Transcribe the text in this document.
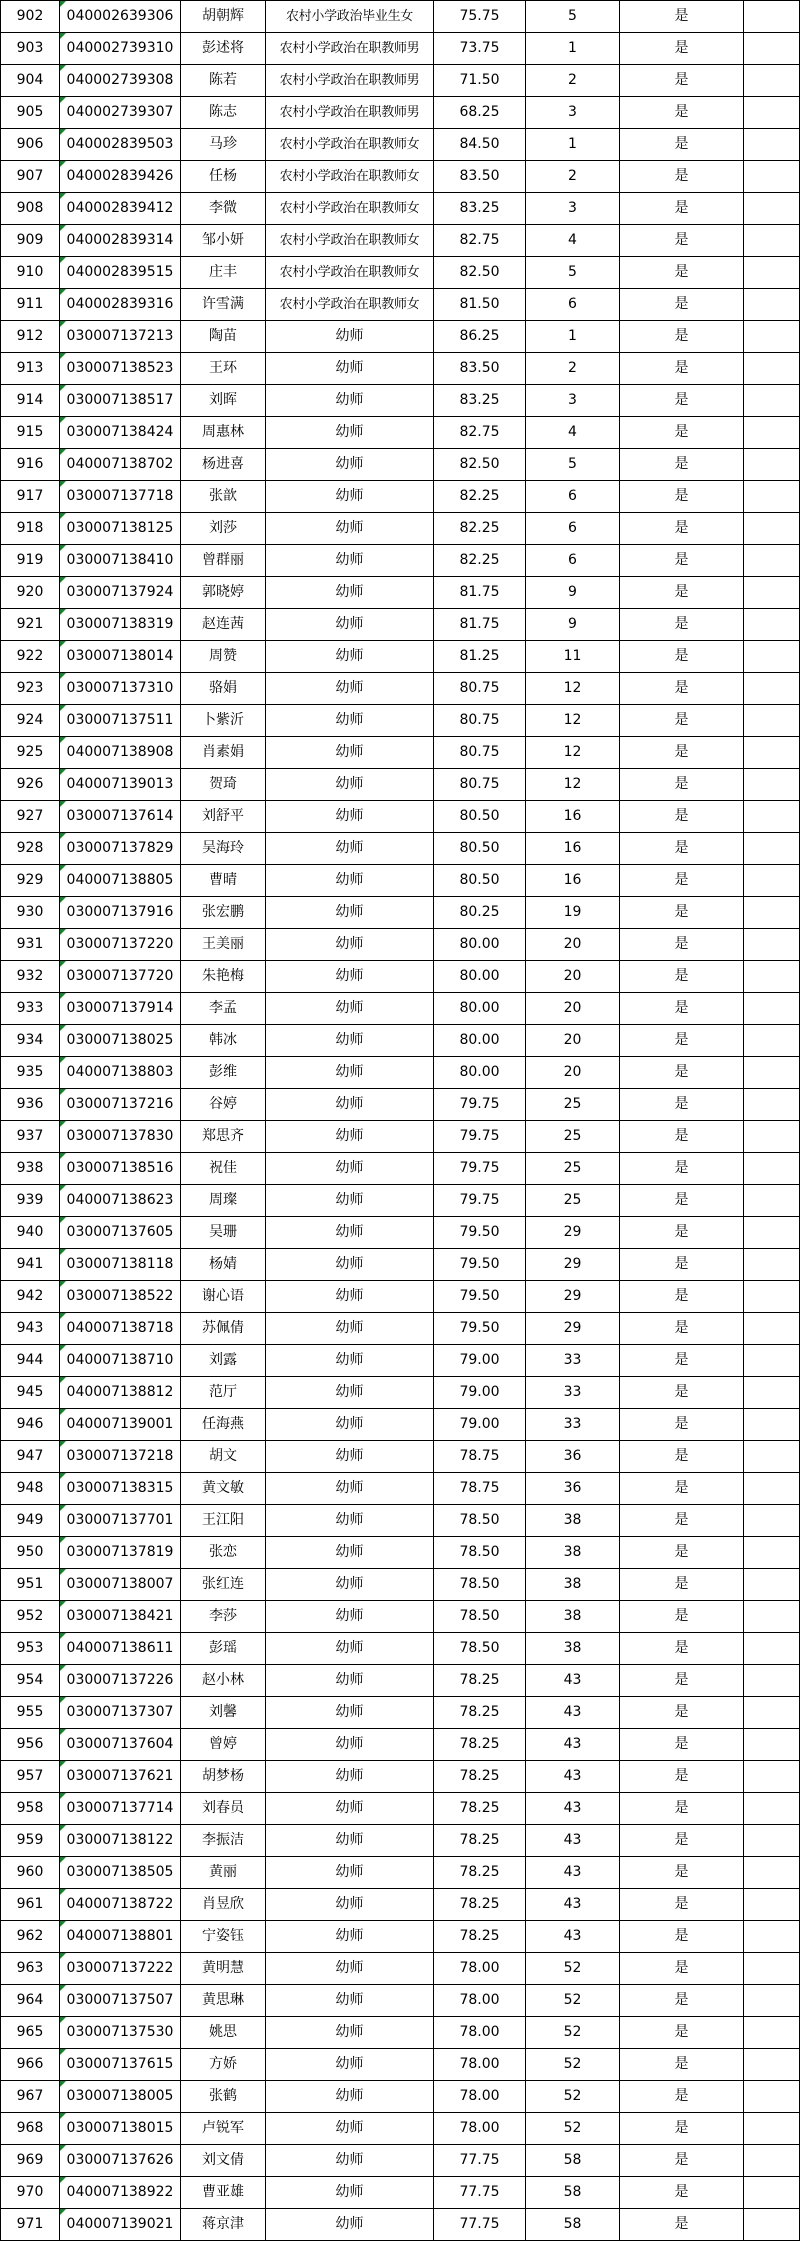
902	040002639306	胡朝辉	农村小学政治毕业生女	75.75	5	是	
903	040002739310	彭述将	农村小学政治在职教师男	73.75	1	是	
904	040002739308	陈若	农村小学政治在职教师男	71.50	2	是	
905	040002739307	陈志	农村小学政治在职教师男	68.25	3	是	
906	040002839503	马珍	农村小学政治在职教师女	84.50	1	是	
907	040002839426	任杨	农村小学政治在职教师女	83.50	2	是	
908	040002839412	李微	农村小学政治在职教师女	83.25	3	是	
909	040002839314	邹小妍	农村小学政治在职教师女	82.75	4	是	
910	040002839515	庄丰	农村小学政治在职教师女	82.50	5	是	
911	040002839316	许雪满	农村小学政治在职教师女	81.50	6	是	
912	030007137213	陶苗	幼师	86.25	1	是	
913	030007138523	王环	幼师	83.50	2	是	
914	030007138517	刘晖	幼师	83.25	3	是	
915	030007138424	周惠林	幼师	82.75	4	是	
916	040007138702	杨进喜	幼师	82.50	5	是	
917	030007137718	张歆	幼师	82.25	6	是	
918	030007138125	刘莎	幼师	82.25	6	是	
919	030007138410	曾群丽	幼师	82.25	6	是	
920	030007137924	郭晓婷	幼师	81.75	9	是	
921	030007138319	赵连茜	幼师	81.75	9	是	
922	030007138014	周赞	幼师	81.25	11	是	
923	030007137310	骆娟	幼师	80.75	12	是	
924	030007137511	卜紫沂	幼师	80.75	12	是	
925	040007138908	肖素娟	幼师	80.75	12	是	
926	040007139013	贺琦	幼师	80.75	12	是	
927	030007137614	刘舒平	幼师	80.50	16	是	
928	030007137829	吴海玲	幼师	80.50	16	是	
929	040007138805	曹晴	幼师	80.50	16	是	
930	030007137916	张宏鹏	幼师	80.25	19	是	
931	030007137220	王美丽	幼师	80.00	20	是	
932	030007137720	朱艳梅	幼师	80.00	20	是	
933	030007137914	李孟	幼师	80.00	20	是	
934	030007138025	韩冰	幼师	80.00	20	是	
935	040007138803	彭维	幼师	80.00	20	是	
936	030007137216	谷婷	幼师	79.75	25	是	
937	030007137830	郑思齐	幼师	79.75	25	是	
938	030007138516	祝佳	幼师	79.75	25	是	
939	040007138623	周璨	幼师	79.75	25	是	
940	030007137605	吴珊	幼师	79.50	29	是	
941	030007138118	杨婧	幼师	79.50	29	是	
942	030007138522	谢心语	幼师	79.50	29	是	
943	040007138718	苏佩倩	幼师	79.50	29	是	
944	040007138710	刘露	幼师	79.00	33	是	
945	040007138812	范厅	幼师	79.00	33	是	
946	040007139001	任海燕	幼师	79.00	33	是	
947	030007137218	胡文	幼师	78.75	36	是	
948	030007138315	黄文敏	幼师	78.75	36	是	
949	030007137701	王江阳	幼师	78.50	38	是	
950	030007137819	张恋	幼师	78.50	38	是	
951	030007138007	张红连	幼师	78.50	38	是	
952	030007138421	李莎	幼师	78.50	38	是	
953	040007138611	彭瑶	幼师	78.50	38	是	
954	030007137226	赵小林	幼师	78.25	43	是	
955	030007137307	刘馨	幼师	78.25	43	是	
956	030007137604	曾婷	幼师	78.25	43	是	
957	030007137621	胡梦杨	幼师	78.25	43	是	
958	030007137714	刘春员	幼师	78.25	43	是	
959	030007138122	李振洁	幼师	78.25	43	是	
960	030007138505	黄丽	幼师	78.25	43	是	
961	040007138722	肖昱欣	幼师	78.25	43	是	
962	040007138801	宁姿钰	幼师	78.25	43	是	
963	030007137222	黄明慧	幼师	78.00	52	是	
964	030007137507	黄思琳	幼师	78.00	52	是	
965	030007137530	姚思	幼师	78.00	52	是	
966	030007137615	方娇	幼师	78.00	52	是	
967	030007138005	张鹤	幼师	78.00	52	是	
968	030007138015	卢锐军	幼师	78.00	52	是	
969	030007137626	刘文倩	幼师	77.75	58	是	
970	040007138922	曹亚雄	幼师	77.75	58	是	
971	040007139021	蒋京津	幼师	77.75	58	是	
